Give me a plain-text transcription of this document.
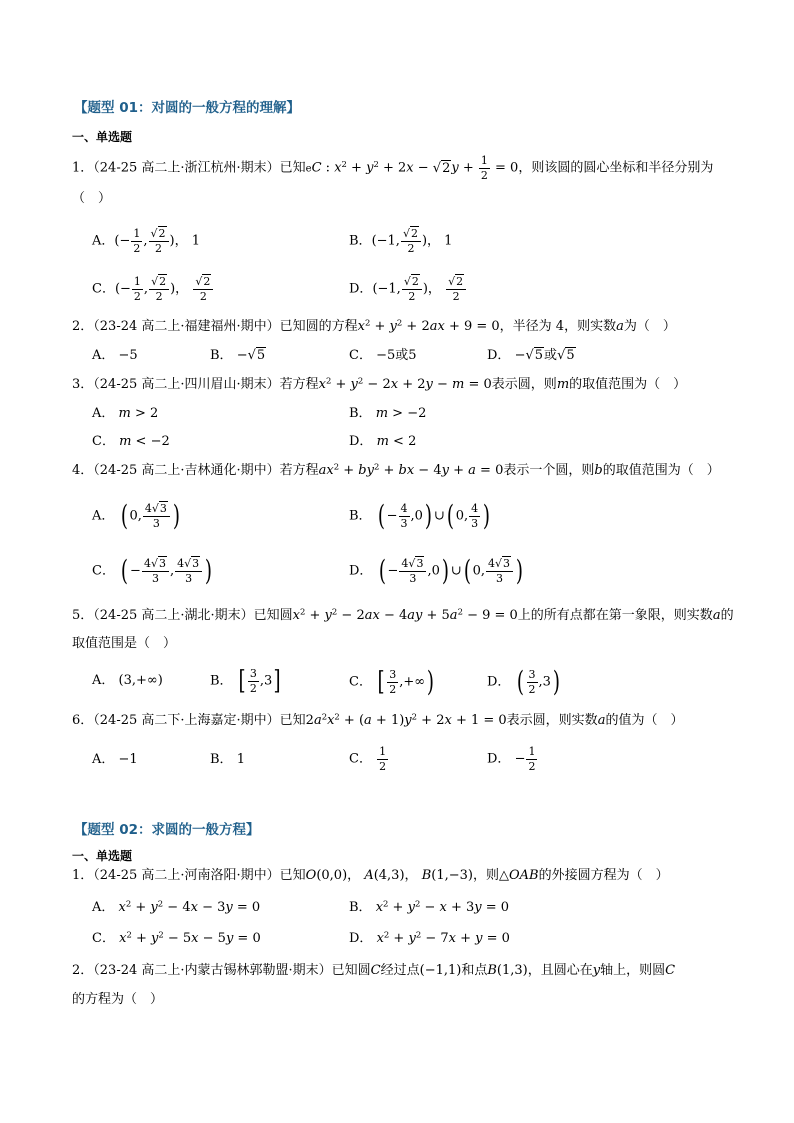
【题型 01：对圆的一般方程的理解】
一、单选题
1．（24-25 高二上·浙江杭州·期末）已知eC : $x^2 + y^2 + 2x - √2y + \frac{1}{2} = 0$，则该圆的圆心坐标和半径分别为
（　）
A．(− $\frac{1}{2}$ , $\frac{√2}{2}$ )， 1	B．(−1, $\frac{√2}{2}$ )， 1
C．(− $\frac{1}{2}$ , $\frac{√2}{2}$ )， $\frac{√2}{2}$	D．(−1, $\frac{√2}{2}$ )， $\frac{√2}{2}$
2．（23-24 高二上·福建福州·期中）已知圆的方程$x^2 + y^2 + 2ax + 9 = 0$，半径为 4，则实数a为（　）
A． −5	B． −√5	C． −5或5	D． −√5或√5
3．（24-25 高二上·四川眉山·期末）若方程$x^2 + y^2 - 2x + 2y - m = 0$表示圆，则m的取值范围为（　）
A． m > 2	B． m > −2
C． m < −2	D． m < 2
4．（24-25 高二上·吉林通化·期中）若方程$ax^2 + by^2$ + bx − 4y + a = 0表示一个圆，则b的取值范围为（　）
A． ( 0, $\frac{4√3}{3}$ )	B． ( − $\frac{4}{3} ,0$) ∪( 0, $\frac{4}{3}$ )
C． ( − $\frac{4√3}{3}$ , $\frac{4√3}{3}$ )	D． ( − $\frac{4√3}{3} ,0$) ∪( 0, $\frac{4√3}{3}$ )
5．（24-25 高二上·湖北·期末）已知圆$x^2 + y^2 - 2ax - 4ay + 5a^2 - 9 = 0$上的所有点都在第一象限，则实数a的
取值范围是（　）
A． (3,+∞)	B． [ $\frac{3}{2} ,3$]	C． [ $\frac{3}{2}$ ,+∞)	D． ( $\frac{3}{2} ,3$)
6．（24-25 高二下·上海嘉定·期中）已知$2a^2x^2 + (a + 1)y^2 + 2x + 1 = 0$表示圆，则实数a的值为（　）
A． −1	B． 1	C． $\frac{1}{2}$	D． − $\frac{1}{2}$
【题型 02：求圆的一般方程】
一、单选题
1．（24-25 高二上·河南洛阳·期中）已知O(0,0)， A(4,3)， B(1,−3)，则△OAB的外接圆方程为（　）
A． $x^2 + y^2 - 4x - 3y = 0$	B． $x^2 + y^2 - x + 3y = 0$
C． $x^2 + y^2 - 5x - 5y = 0$	D． $x^2 + y^2 - 7x + y = 0$
2．（23-24 高二上·内蒙古锡林郭勒盟·期末）已知圆C经过点(−1,1)和点B(1,3)，且圆心在y轴上，则圆C
的方程为（　）
